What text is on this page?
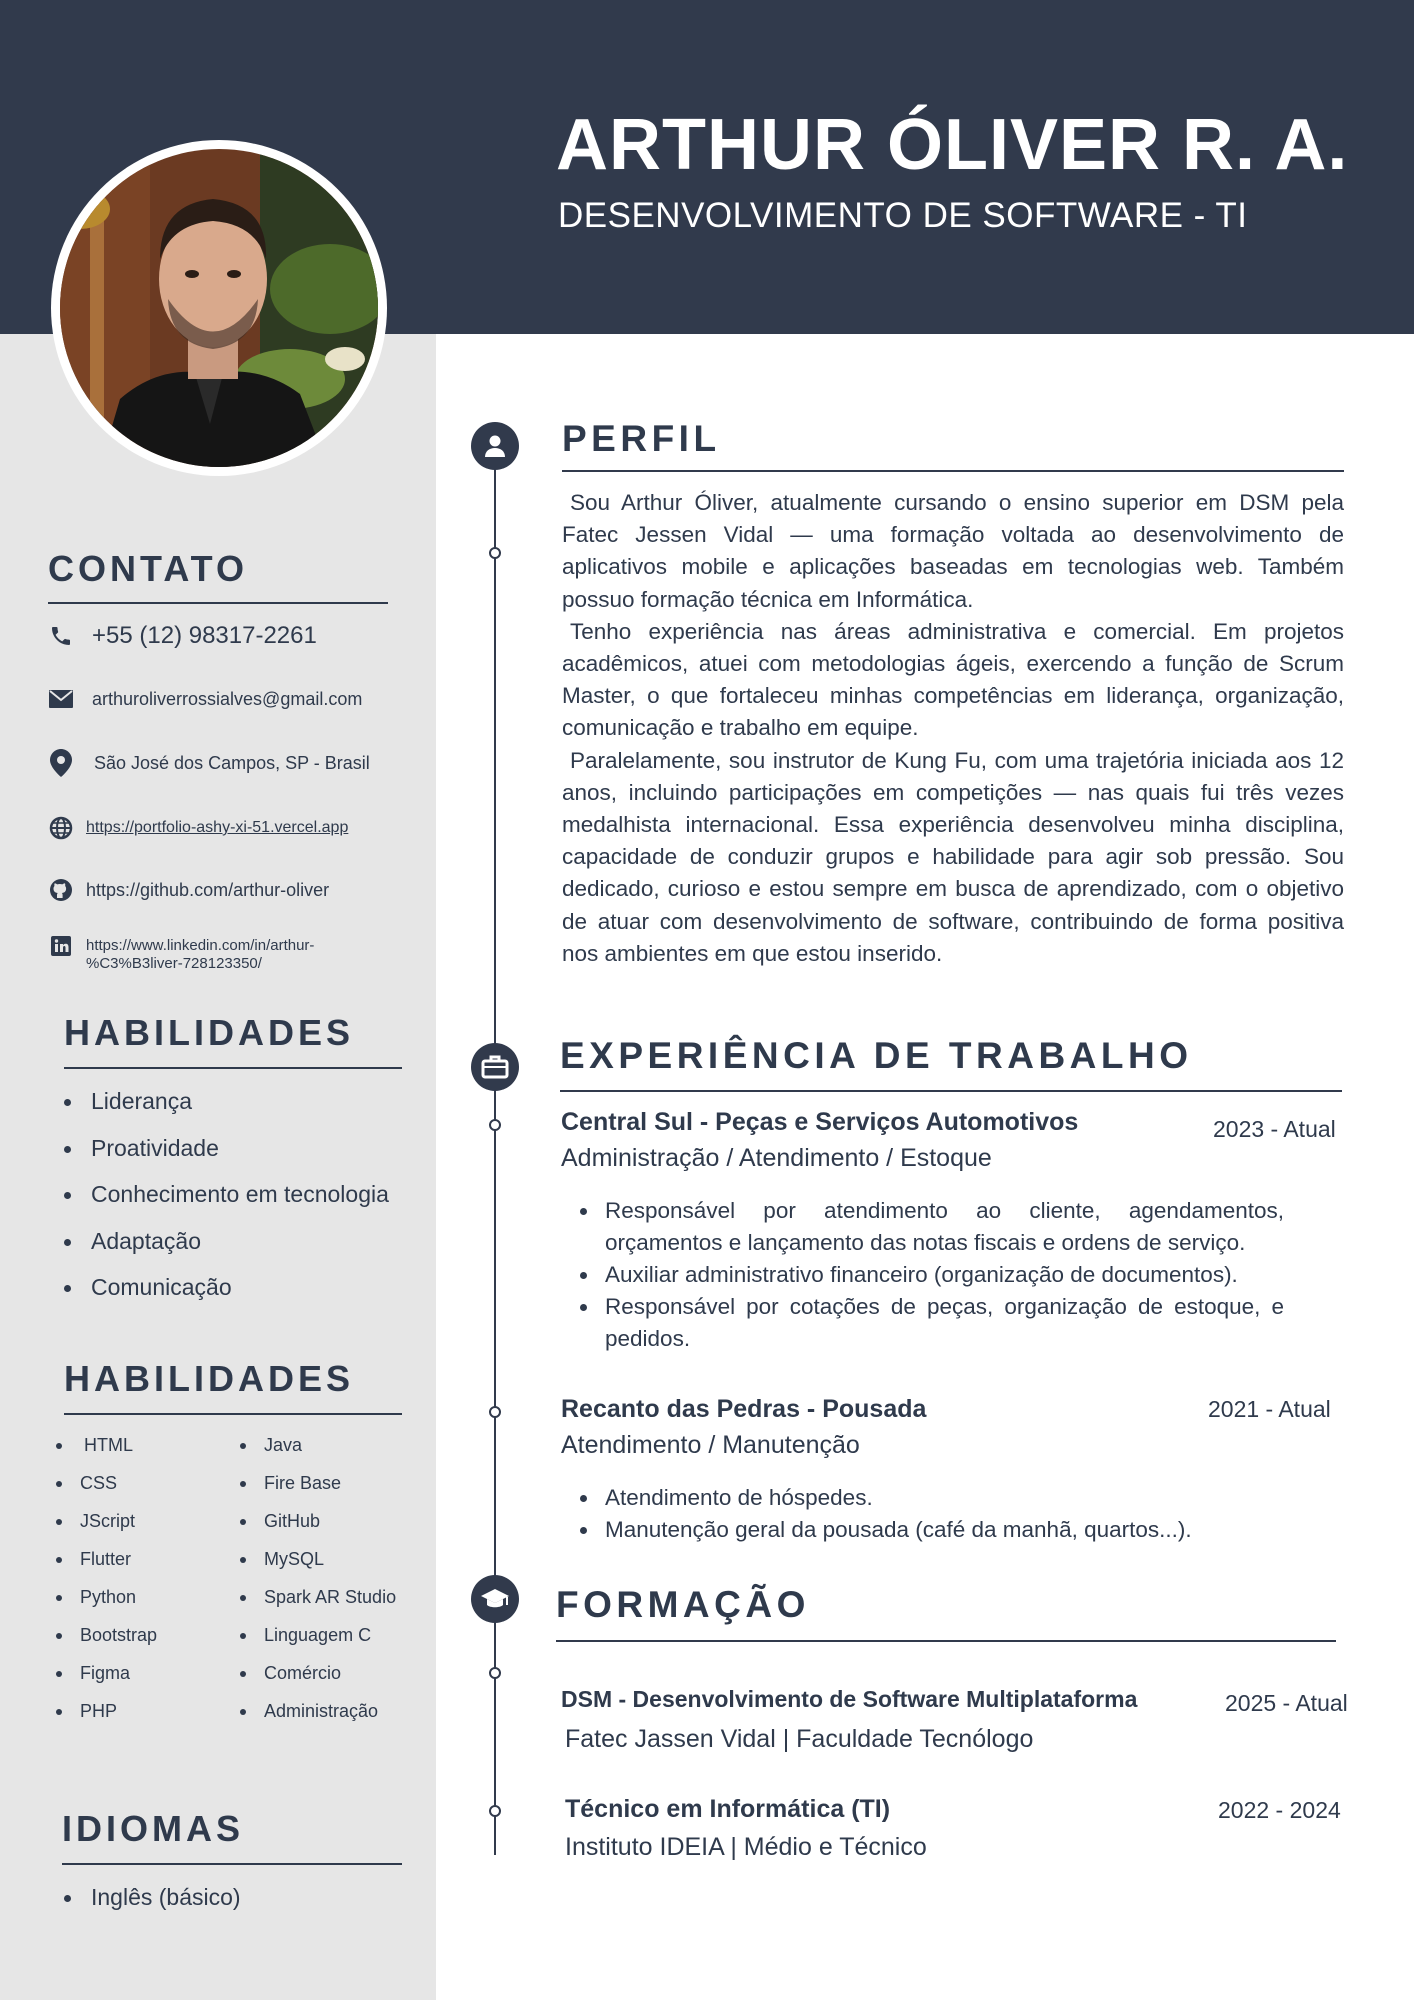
ARTHUR ÓLIVER R. A.
DESENVOLVIMENTO DE SOFTWARE - TI
CONTATO
+55 (12) 98317-2261
arthuroliverrossialves@gmail.com
São José dos Campos, SP - Brasil
https://portfolio-ashy-xi-51.vercel.app
https://github.com/arthur-oliver
https://www.linkedin.com/in/arthur-%C3%B3liver-728123350/
HABILIDADES
Liderança
Proatividade
Conhecimento em tecnologia
Adaptação
Comunicação
HABILIDADES
HTML
CSS
JScript
Flutter
Python
Bootstrap
Figma
PHP
Java
Fire Base
GitHub
MySQL
Spark AR Studio
Linguagem C
Comércio
Administração
IDIOMAS
Inglês (básico)
PERFIL

Sou Arthur Óliver, atualmente cursando o ensino superior em DSM pela Fatec Jessen Vidal — uma formação voltada ao desenvolvimento de aplicativos mobile e aplicações baseadas em tecnologias web. Também possuo formação técnica em Informática.

Tenho experiência nas áreas administrativa e comercial. Em projetos acadêmicos, atuei com metodologias ágeis, exercendo a função de Scrum Master, o que fortaleceu minhas competências em liderança, organização, comunicação e trabalho em equipe.

Paralelamente, sou instrutor de Kung Fu, com uma trajetória iniciada aos 12 anos, incluindo participações em competições — nas quais fui três vezes medalhista internacional. Essa experiência desenvolveu minha disciplina, capacidade de conduzir grupos e habilidade para agir sob pressão. Sou dedicado, curioso e estou sempre em busca de aprendizado, com o objetivo de atuar com desenvolvimento de software, contribuindo de forma positiva nos ambientes em que estou inserido.

EXPERIÊNCIA DE TRABALHO
Central Sul - Peças e Serviços Automotivos	2023 - Atual
Administração / Atendimento / Estoque
Responsável por atendimento ao cliente, agendamentos, orçamentos e lançamento das notas fiscais e ordens de serviço.
Auxiliar administrativo financeiro (organização de documentos).
Responsável por cotações de peças, organização de estoque, e pedidos.
Recanto das Pedras - Pousada	2021 - Atual
Atendimento / Manutenção
Atendimento de hóspedes.
Manutenção geral da pousada (café da manhã, quartos...).
FORMAÇÃO
DSM - Desenvolvimento de Software Multiplataforma	2025 - Atual
Fatec Jassen Vidal | Faculdade Tecnólogo
Técnico em Informática (TI)	2022 - 2024
Instituto IDEIA | Médio e Técnico
